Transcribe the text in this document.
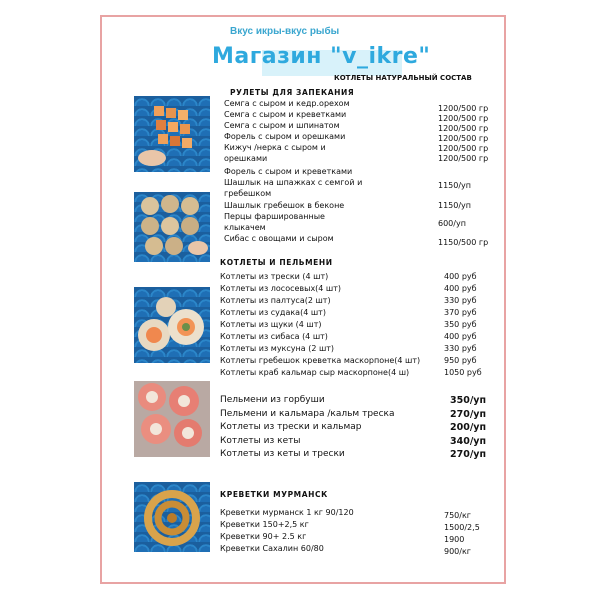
Вкус икры-вкус рыбы
Магазин "v_ikre"
КОТЛЕТЫ НАТУРАЛЬНЫЙ СОСТАВ
РУЛЕТЫ ДЛЯ ЗАПЕКАНИЯ
Семга с сыром и кедр.орехом
Семга с сыром и креветками
Семга с сыром и шпинатом
Форель с сыром и орешками
Кижуч /нерка с сыром и
орешками
Форель с сыром и креветками
Шашлык на шпажках с семгой и
гребешком
Шашлык гребешок в беконе
Перцы фаршированные
клыкачем
Сибас с овощами и сыром
1200/500 гр
1200/500 гр
1200/500 гр
1200/500 гр
1200/500 гр
1200/500 гр
1150/уп
1150/уп
600/уп
1150/500 гр
КОТЛЕТЫ И ПЕЛЬМЕНИ
Котлеты из трески (4 шт)
Котлеты из лососевых(4 шт)
Котлеты из палтуса(2 шт)
Котлеты из судака(4 шт)
Котлеты из щуки (4 шт)
Котлеты из сибаса (4 шт)
Котлеты из муксуна (2 шт)
Котлеты гребешок креветка маскорпоне(4 шт)
Котлеты краб кальмар сыр маскорпоне(4 ш)
400 руб
400 руб
330 руб
370 руб
350 руб
400 руб
330 руб
950 руб
1050 руб
Пельмени из горбуши
Пельмени и кальмара /кальм треска
Котлеты из трески и кальмар
Котлеты из кеты
Котлеты из кеты и трески
350/уп
270/уп
200/уп
340/уп
270/уп
КРЕВЕТКИ МУРМАНСК
Креветки мурманск 1 кг 90/120
Креветки 150+2,5 кг
Креветки 90+ 2.5 кг
Креветки Сахалин 60/80
750/кг
1500/2,5
1900
900/кг
